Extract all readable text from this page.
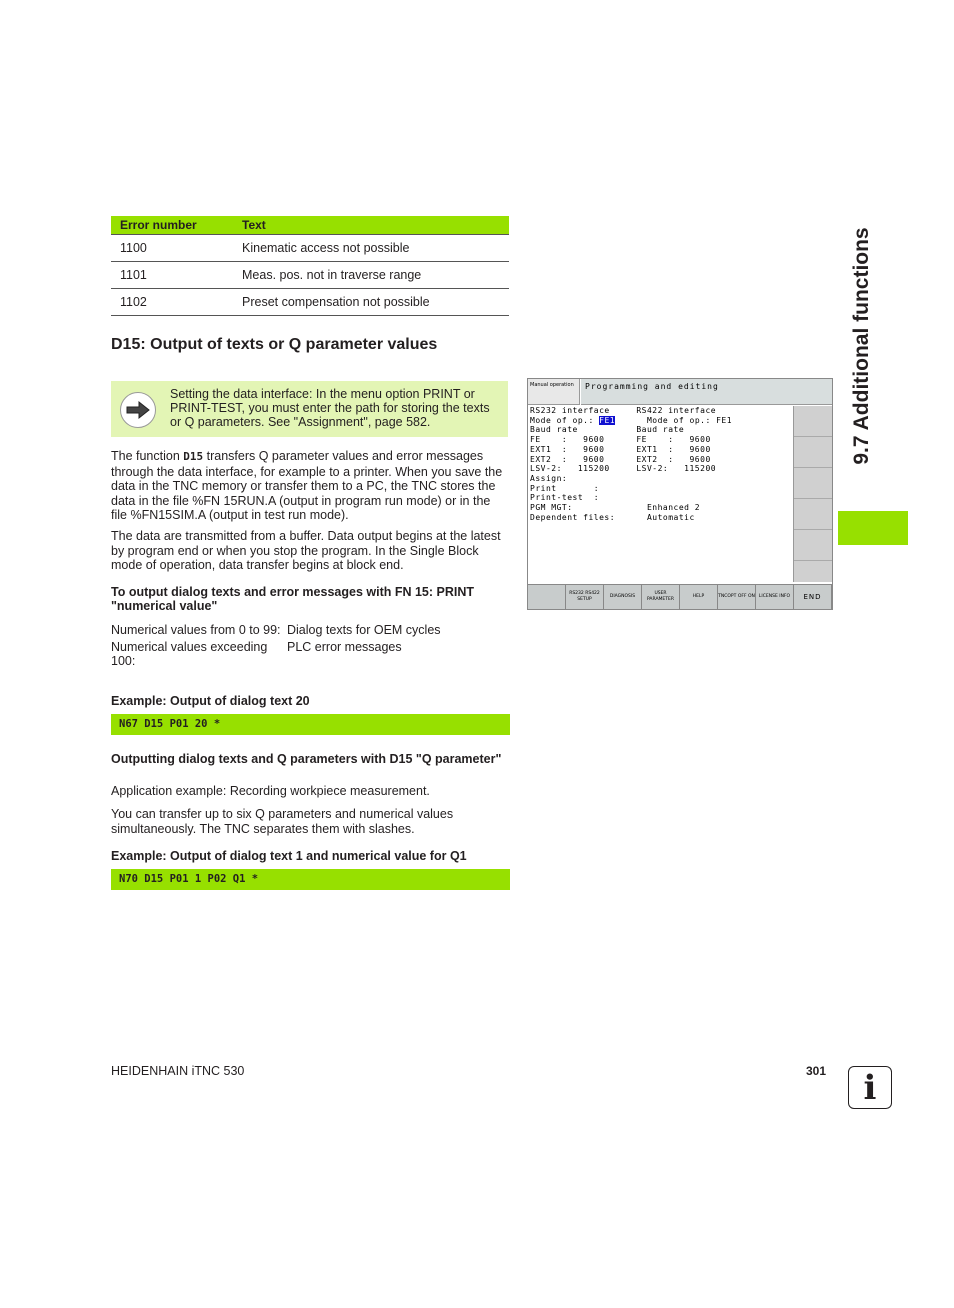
9.7 Additional functions
Error number	Text
1100	Kinematic access not possible
1101	Meas. pos. not in traverse range
1102	Preset compensation not possible
D15: Output of texts or Q parameter values
Setting the data interface: In the menu option PRINT or PRINT-TEST, you must enter the path for storing the texts or Q parameters. See "Assignment", page 582.

The function D15 transfers Q parameter values and error messages through the data interface, for example to a printer. When you save the data in the TNC memory or transfer them to a PC, the TNC stores the data in the file %FN 15RUN.A (output in program run mode) or in the file %FN15SIM.A (output in test run mode).

The data are transmitted from a buffer. Data output begins at the latest by program end or when you stop the program. In the Single Block mode of operation, data transfer begins at block end.

To output dialog texts and error messages with FN 15: PRINT "numerical value"
Numerical values from 0 to 99:	Dialog texts for OEM cycles
Numerical values exceeding 100:	PLC error messages
Example: Output of dialog text 20
N67 D15 P01 20 *
Outputting dialog texts and Q parameters with D15 "Q parameter"

Application example: Recording workpiece measurement.

You can transfer up to six Q parameters and numerical values simultaneously. The TNC separates them with slashes.

Example: Output of dialog text 1 and numerical value for Q1
N70 D15 P01 1 P02 Q1 *
Manual operation	Programming and editing
RS232 interface     RS422 interface
Mode of op.: FE1      Mode of op.: FE1
Baud rate           Baud rate
FE    :   9600      FE    :   9600
EXT1  :   9600      EXT1  :   9600
EXT2  :   9600      EXT2  :   9600
LSV-2:   115200     LSV-2:   115200
Assign:
Print       :
Print-test  :
PGM MGT:              Enhanced 2
Dependent files:      Automatic
RS232 RS422 SETUP
DIAGNOSIS
USER PARAMETER
HELP	TNCOPT OFF ON LICENSE INFO	END
HEIDENHAIN iTNC 530	301	i
